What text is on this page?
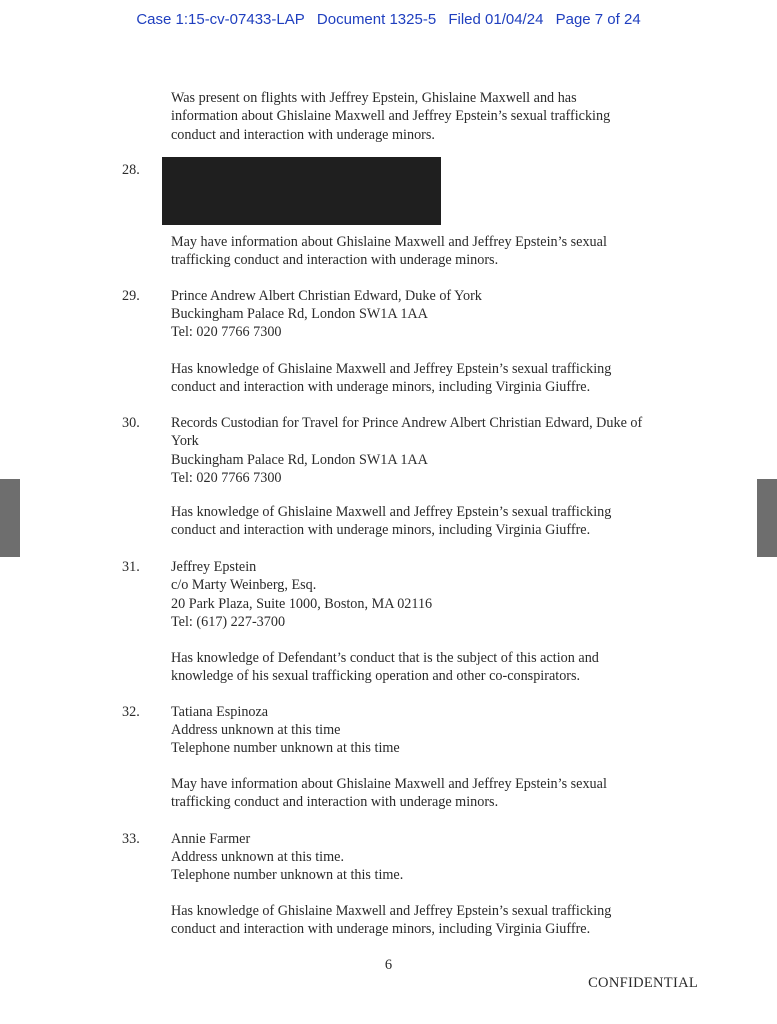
Case 1:15-cv-07433-LAP Document 1325-5 Filed 01/04/24 Page 7 of 24

Was present on flights with Jeffrey Epstein, Ghislaine Maxwell and has
information about Ghislaine Maxwell and Jeffrey Epstein’s sexual trafficking
conduct and interaction with underage minors.

28.

May have information about Ghislaine Maxwell and Jeffrey Epstein’s sexual
trafficking conduct and interaction with underage minors.

29. Prince Andrew Albert Christian Edward, Duke of York

Buckingham Palace Rd, London SW1A 1AA

Tel: 020 7766 7300

Has knowledge of Ghislaine Maxwell and Jeffrey Epstein’s sexual trafficking
conduct and interaction with underage minors, including Virginia Giuffre.

30. Records Custodian for Travel for Prince Andrew Albert Christian Edward, Duke of
York

Buckingham Palace Rd, London SW1A 1AA

Tel: 020 7766 7300

Has knowledge of Ghislaine Maxwell and Jeffrey Epstein’s sexual trafficking
conduct and interaction with underage minors, including Virginia Giuffre.

31. Jeffrey Epstein

c/o Marty Weinberg, Esq.

20 Park Plaza, Suite 1000, Boston, MA 02116

Tel: (617) 227-3700

Has knowledge of Defendant’s conduct that is the subject of this action and
knowledge of his sexual trafficking operation and other co-conspirators.

32. Tatiana Espinoza

Address unknown at this time

Telephone number unknown at this time

May have information about Ghislaine Maxwell and Jeffrey Epstein’s sexual
trafficking conduct and interaction with underage minors.

33. Annie Farmer

Address unknown at this time.

Telephone number unknown at this time.

Has knowledge of Ghislaine Maxwell and Jeffrey Epstein’s sexual trafficking
conduct and interaction with underage minors, including Virginia Giuffre.

6
CONFIDENTIAL
